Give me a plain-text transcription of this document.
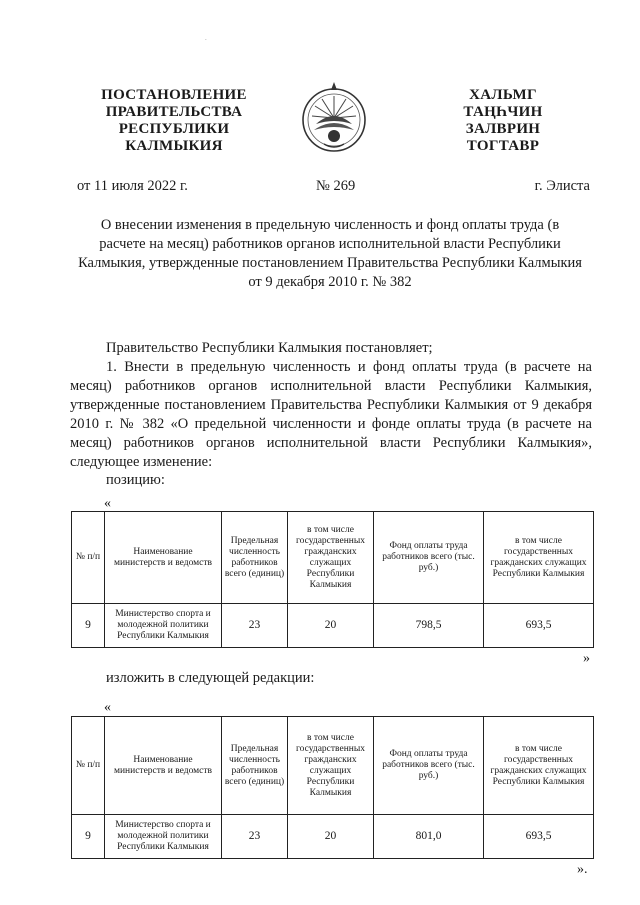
ПОСТАНОВЛЕНИЕ
ПРАВИТЕЛЬСТВА
РЕСПУБЛИКИ
КАЛМЫКИЯ
ХАЛЬМГ
ТАҢҺЧИН
ЗАЛВРИН
ТОГТАВР
от 11 июля 2022 г.	№ 269	г. Элиста
О внесении изменения в предельную численность и фонд оплаты труда (в расчете на месяц) работников органов исполнительной власти Республики Калмыкия, утвержденные постановлением Правительства Республики Калмыкия от 9 декабря 2010 г. № 382
Правительство Республики Калмыкия постановляет;
1. Внести в предельную численность и фонд оплаты труда (в расчете на месяц) работников органов исполнительной власти Республики Калмыкия, утвержденные постановлением Правительства Республики Калмыкия от 9 декабря 2010 г. № 382 «О предельной численности и фонде оплаты труда (в расчете на месяц) работников органов исполнительной власти Республики Калмыкия», следующее изменение:
позицию:
«
№ п/п	Наименование министерств и ведомств	Предельная численность работников всего (единиц)	в том числе государственных гражданских служащих Республики Калмыкия	Фонд оплаты труда работников всего (тыс. руб.)	в том числе государственных гражданских служащих Республики Калмыкия
9	Министерство спорта и молодежной политики Республики Калмыкия	23	20	798,5	693,5
»
изложить в следующей редакции:
«
№ п/п	Наименование министерств и ведомств	Предельная численность работников всего (единиц)	в том числе государственных гражданских служащих Республики Калмыкия	Фонд оплаты труда работников всего (тыс. руб.)	в том числе государственных гражданских служащих Республики Калмыкия
9	Министерство спорта и молодежной политики Республики Калмыкия	23	20	801,0	693,5
».
.
